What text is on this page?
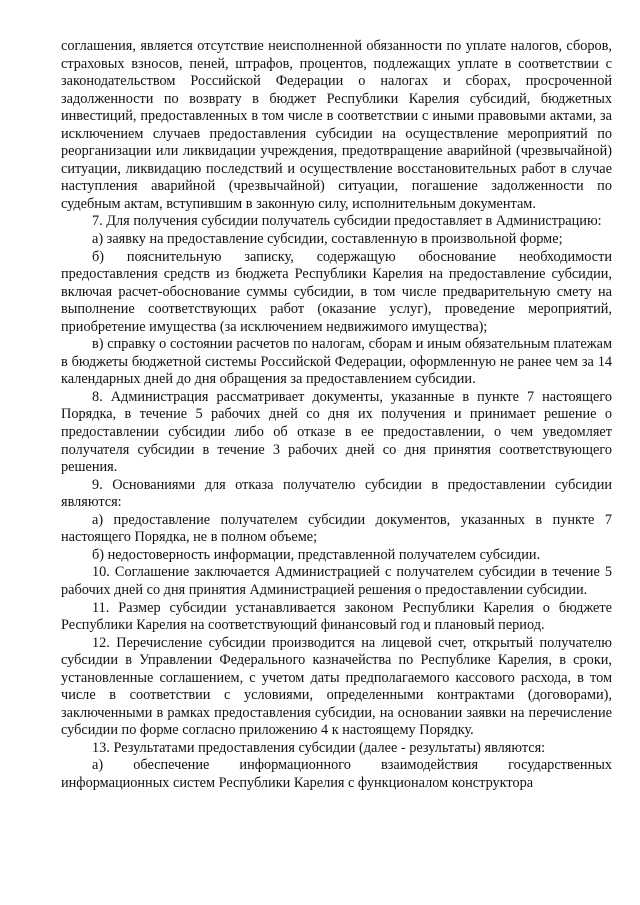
соглашения, является отсутствие неисполненной обязанности по уплате налогов, сборов, страховых взносов, пеней, штрафов, процентов, подлежащих уплате в соответствии с законодательством Российской Федерации о налогах и сборах, просроченной задолженности по возврату в бюджет Республики Карелия субсидий, бюджетных инвестиций, предоставленных в том числе в соответствии с иными правовыми актами, за исключением случаев предоставления субсидии на осуществление мероприятий по реорганизации или ликвидации учреждения, предотвращение аварийной (чрезвычайной) ситуации, ликвидацию последствий и осуществление восстановительных работ в случае наступления аварийной (чрезвычайной) ситуации, погашение задолженности по судебным актам, вступившим в законную силу, исполнительным документам.

7. Для получения субсидии получатель субсидии предоставляет в Администрацию:

а) заявку на предоставление субсидии, составленную в произвольной форме;

б) пояснительную записку, содержащую обоснование необходимости предоставления средств из бюджета Республики Карелия на предоставление субсидии, включая расчет-обоснование суммы субсидии, в том числе предварительную смету на выполнение соответствующих работ (оказание услуг), проведение мероприятий, приобретение имущества (за исключением недвижимого имущества);

в) справку о состоянии расчетов по налогам, сборам и иным обязательным платежам в бюджеты бюджетной системы Российской Федерации, оформленную не ранее чем за 14 календарных дней до дня обращения за предоставлением субсидии.

8. Администрация рассматривает документы, указанные в пункте 7 настоящего Порядка, в течение 5 рабочих дней со дня их получения и принимает решение о предоставлении субсидии либо об отказе в ее предоставлении, о чем уведомляет получателя субсидии в течение 3 рабочих дней со дня принятия соответствующего решения.

9. Основаниями для отказа получателю субсидии в предоставлении субсидии являются:

а) предоставление получателем субсидии документов, указанных в пункте 7 настоящего Порядка, не в полном объеме;

б) недостоверность информации, представленной получателем субсидии.

10. Соглашение заключается Администрацией с получателем субсидии в течение 5 рабочих дней со дня принятия Администрацией решения о предоставлении субсидии.

11. Размер субсидии устанавливается законом Республики Карелия о бюджете Республики Карелия на соответствующий финансовый год и плановый период.

12. Перечисление субсидии производится на лицевой счет, открытый получателю субсидии в Управлении Федерального казначейства по Республике Карелия, в сроки, установленные соглашением, с учетом даты предполагаемого кассового расхода, в том числе в соответствии с условиями, определенными контрактами (договорами), заключенными в рамках предоставления субсидии, на основании заявки на перечисление субсидии по форме согласно приложению 4 к настоящему Порядку.

13. Результатами предоставления субсидии (далее - результаты) являются:

а) обеспечение информационного взаимодействия государственных информационных систем Республики Карелия с функционалом конструктора
